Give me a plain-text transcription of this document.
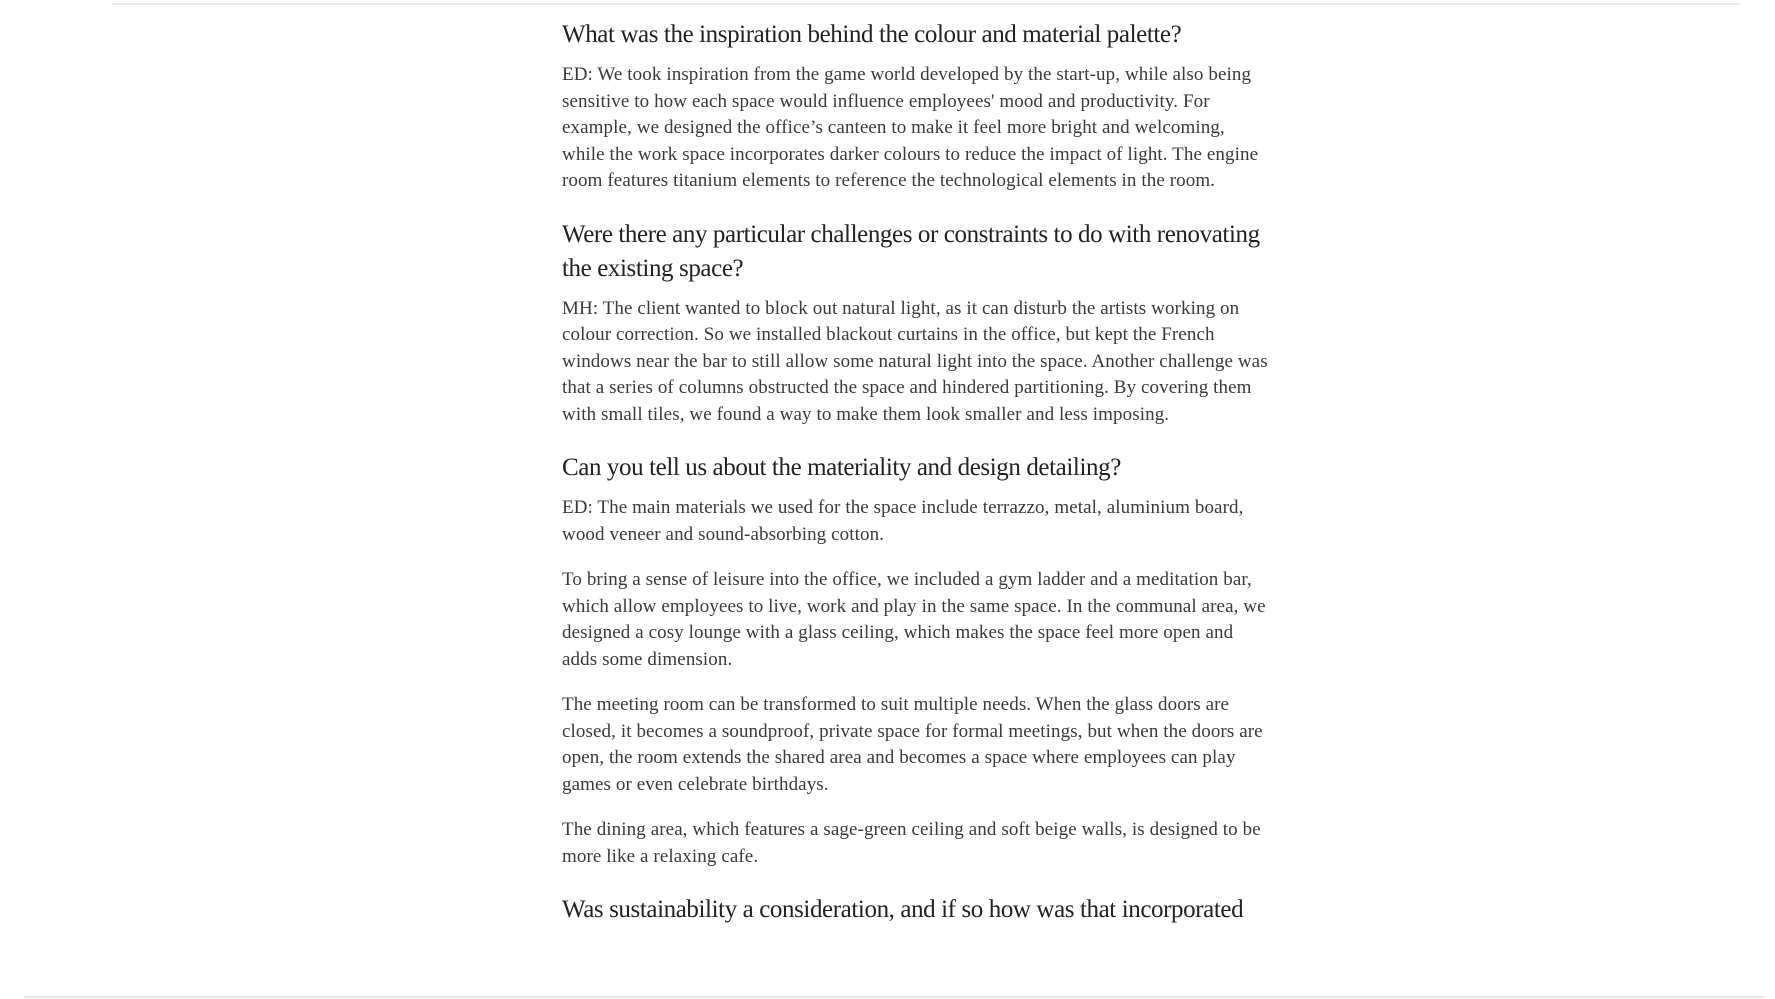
What was the inspiration behind the colour and material palette?

ED: We took inspiration from the game world developed by the start-up, while also being sensitive to how each space would influence employees' mood and productivity. For example, we designed the office’s canteen to make it feel more bright and welcoming, while the work space incorporates darker colours to reduce the impact of light. The engine room features titanium elements to reference the technological elements in the room.

Were there any particular challenges or constraints to do with renovating the existing space?

MH: The client wanted to block out natural light, as it can disturb the artists working on colour correction. So we installed blackout curtains in the office, but kept the French windows near the bar to still allow some natural light into the space. Another challenge was that a series of columns obstructed the space and hindered partitioning. By covering them with small tiles, we found a way to make them look smaller and less imposing.

Can you tell us about the materiality and design detailing?

ED: The main materials we used for the space include terrazzo, metal, aluminium board, wood veneer and sound-absorbing cotton.

To bring a sense of leisure into the office, we included a gym ladder and a meditation bar, which allow employees to live, work and play in the same space. In the communal area, we designed a cosy lounge with a glass ceiling, which makes the space feel more open and adds some dimension.

The meeting room can be transformed to suit multiple needs. When the glass doors are closed, it becomes a soundproof, private space for formal meetings, but when the doors are open, the room extends the shared area and becomes a space where employees can play games or even celebrate birthdays.

The dining area, which features a sage-green ceiling and soft beige walls, is designed to be more like a relaxing cafe.

Was sustainability a consideration, and if so how was that incorporated
